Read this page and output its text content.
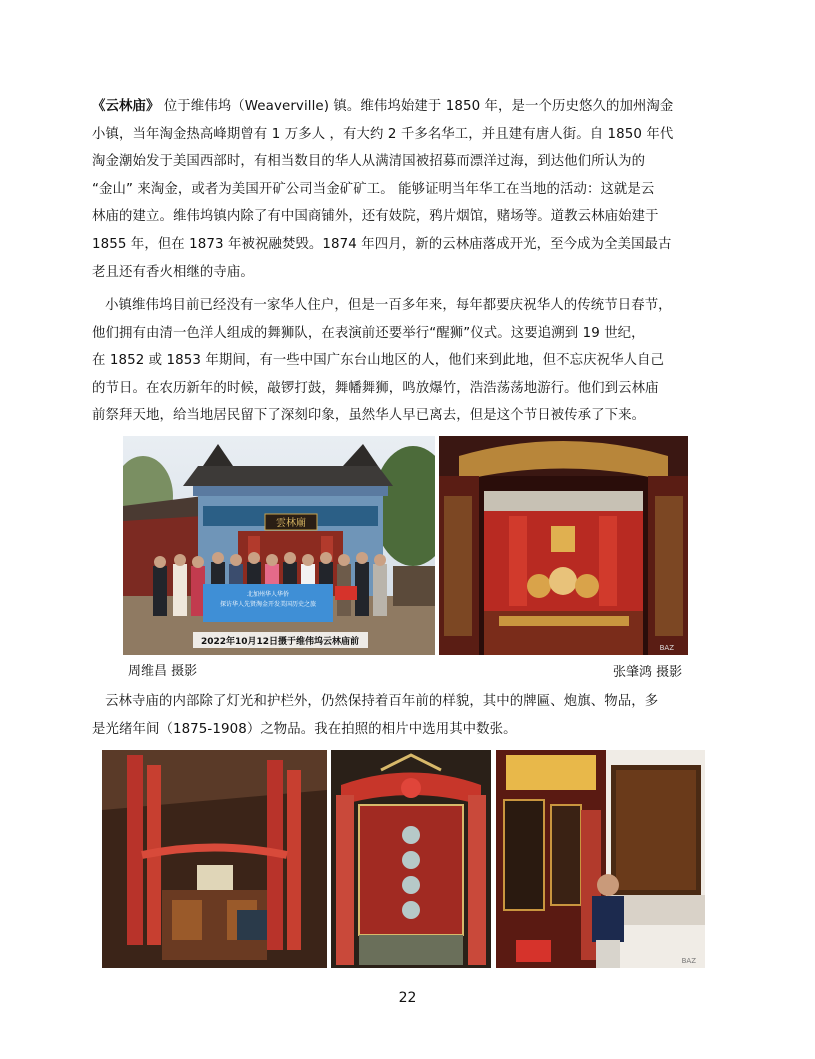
《云林庙》 位于维伟坞（Weaverville) 镇。维伟坞始建于 1850 年，是一个历史悠久的加州淘金
小镇，当年淘金热高峰期曾有 1 万多人 ，有大约 2 千多名华工，并且建有唐人街。自 1850 年代
淘金潮始发于美国西部时，有相当数目的华人从满清国被招募而漂洋过海，到达他们所认为的
“金山” 来淘金，或者为美国开矿公司当金矿矿工。 能够证明当年华工在当地的活动：这就是云
林庙的建立。维伟坞镇内除了有中国商铺外，还有妓院，鸦片烟馆，赌场等。道教云林庙始建于
1855 年，但在 1873 年被祝融焚毁。1874 年四月，新的云林庙落成开光，至今成为全美国最古
老且还有香火相继的寺庙。
小镇维伟坞目前已经没有一家华人住户，但是一百多年来，每年都要庆祝华人的传统节日春节，
他们拥有由清一色洋人组成的舞狮队，在表演前还要举行“醒狮”仪式。这要追溯到 19 世纪，
在 1852 或 1853 年期间，有一些中国广东台山地区的人，他们来到此地，但不忘庆祝华人自己
的节日。在农历新年的时候，敲锣打鼓，舞幡舞狮，鸣放爆竹，浩浩荡荡地游行。他们到云林庙
前祭拜天地，给当地居民留下了深刻印象，虽然华人早已离去，但是这个节日被传承了下来。
雲林廟
北加州华人华侨
探访华人先贤淘金开发美国历史之旅
2022年10月12日摄于维伟坞云林庙前
BAZ
周维昌 摄影	张肇鸿 摄影
云林寺庙的内部除了灯光和护栏外，仍然保持着百年前的样貌，其中的牌匾、炮旗、物品，多
是光绪年间（1875-1908）之物品。我在拍照的相片中选用其中数张。
BAZ
22
